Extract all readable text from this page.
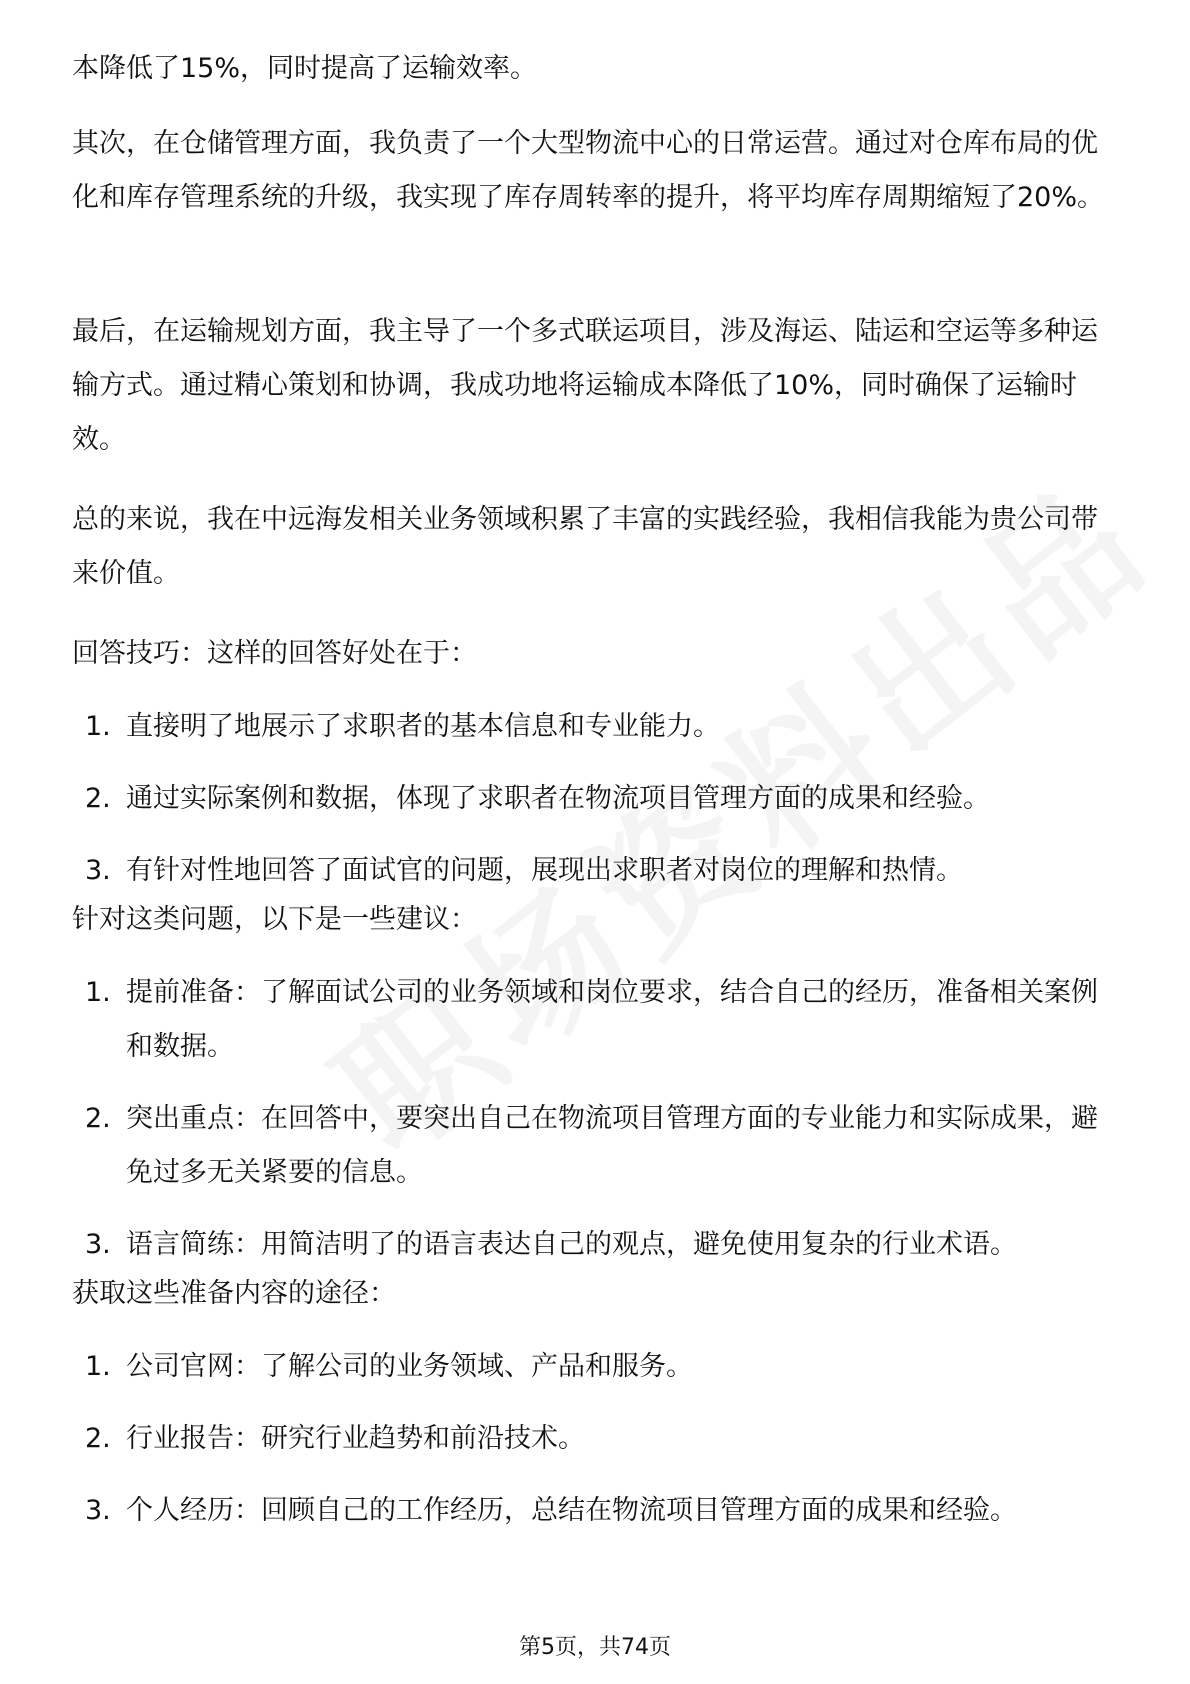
本降低了15%，同时提高了运输效率。

其次，在仓储管理方面，我负责了一个大型物流中心的日常运营。通过对仓库布局的优化和库存管理系统的升级，我实现了库存周转率的提升，将平均库存周期缩短了20%。

最后，在运输规划方面，我主导了一个多式联运项目，涉及海运、陆运和空运等多种运输方式。通过精心策划和协调，我成功地将运输成本降低了10%，同时确保了运输时效。

总的来说，我在中远海发相关业务领域积累了丰富的实践经验，我相信我能为贵公司带来价值。

回答技巧：这样的回答好处在于：

1. 直接明了地展示了求职者的基本信息和专业能力。
2. 通过实际案例和数据，体现了求职者在物流项目管理方面的成果和经验。
3. 有针对性地回答了面试官的问题，展现出求职者对岗位的理解和热情。

针对这类问题，以下是一些建议：

1. 提前准备：了解面试公司的业务领域和岗位要求，结合自己的经历，准备相关案例和数据。
2. 突出重点：在回答中，要突出自己在物流项目管理方面的专业能力和实际成果，避免过多无关紧要的信息。
3. 语言简练：用简洁明了的语言表达自己的观点，避免使用复杂的行业术语。

获取这些准备内容的途径：

1. 公司官网：了解公司的业务领域、产品和服务。
2. 行业报告：研究行业趋势和前沿技术。
3. 个人经历：回顾自己的工作经历，总结在物流项目管理方面的成果和经验。
第5页，共74页
